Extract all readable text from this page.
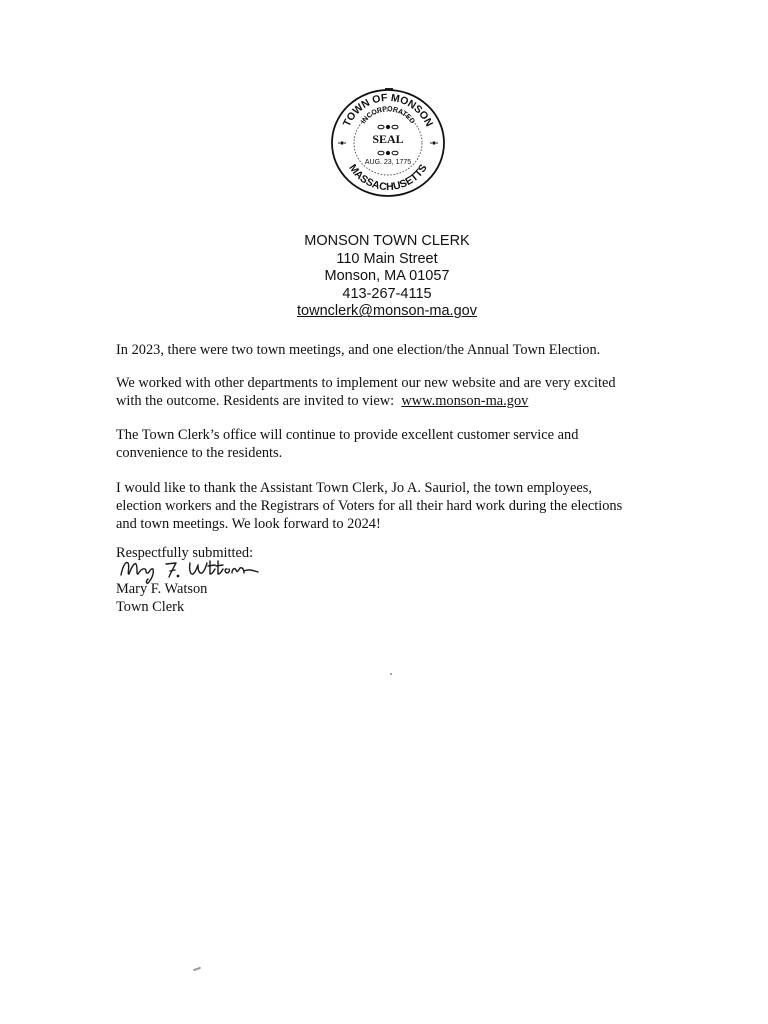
TOWN OF MONSON
INCORPORATED
SEAL
AUG. 23, 1775
MASSACHUSETTS
MONSON TOWN CLERK
110 Main Street
Monson, MA 01057
413-267-4115
townclerk@monson-ma.gov
In 2023, there were two town meetings, and one election/the Annual Town Election.
We worked with other departments to implement our new website and are very excited
with the outcome. Residents are invited to view: www.monson-ma.gov
The Town Clerk’s office will continue to provide excellent customer service and
convenience to the residents.
I would like to thank the Assistant Town Clerk, Jo A. Sauriol, the town employees,
election workers and the Registrars of Voters for all their hard work during the elections
and town meetings. We look forward to 2024!
Respectfully submitted:
Mary F. Watson
Town Clerk
